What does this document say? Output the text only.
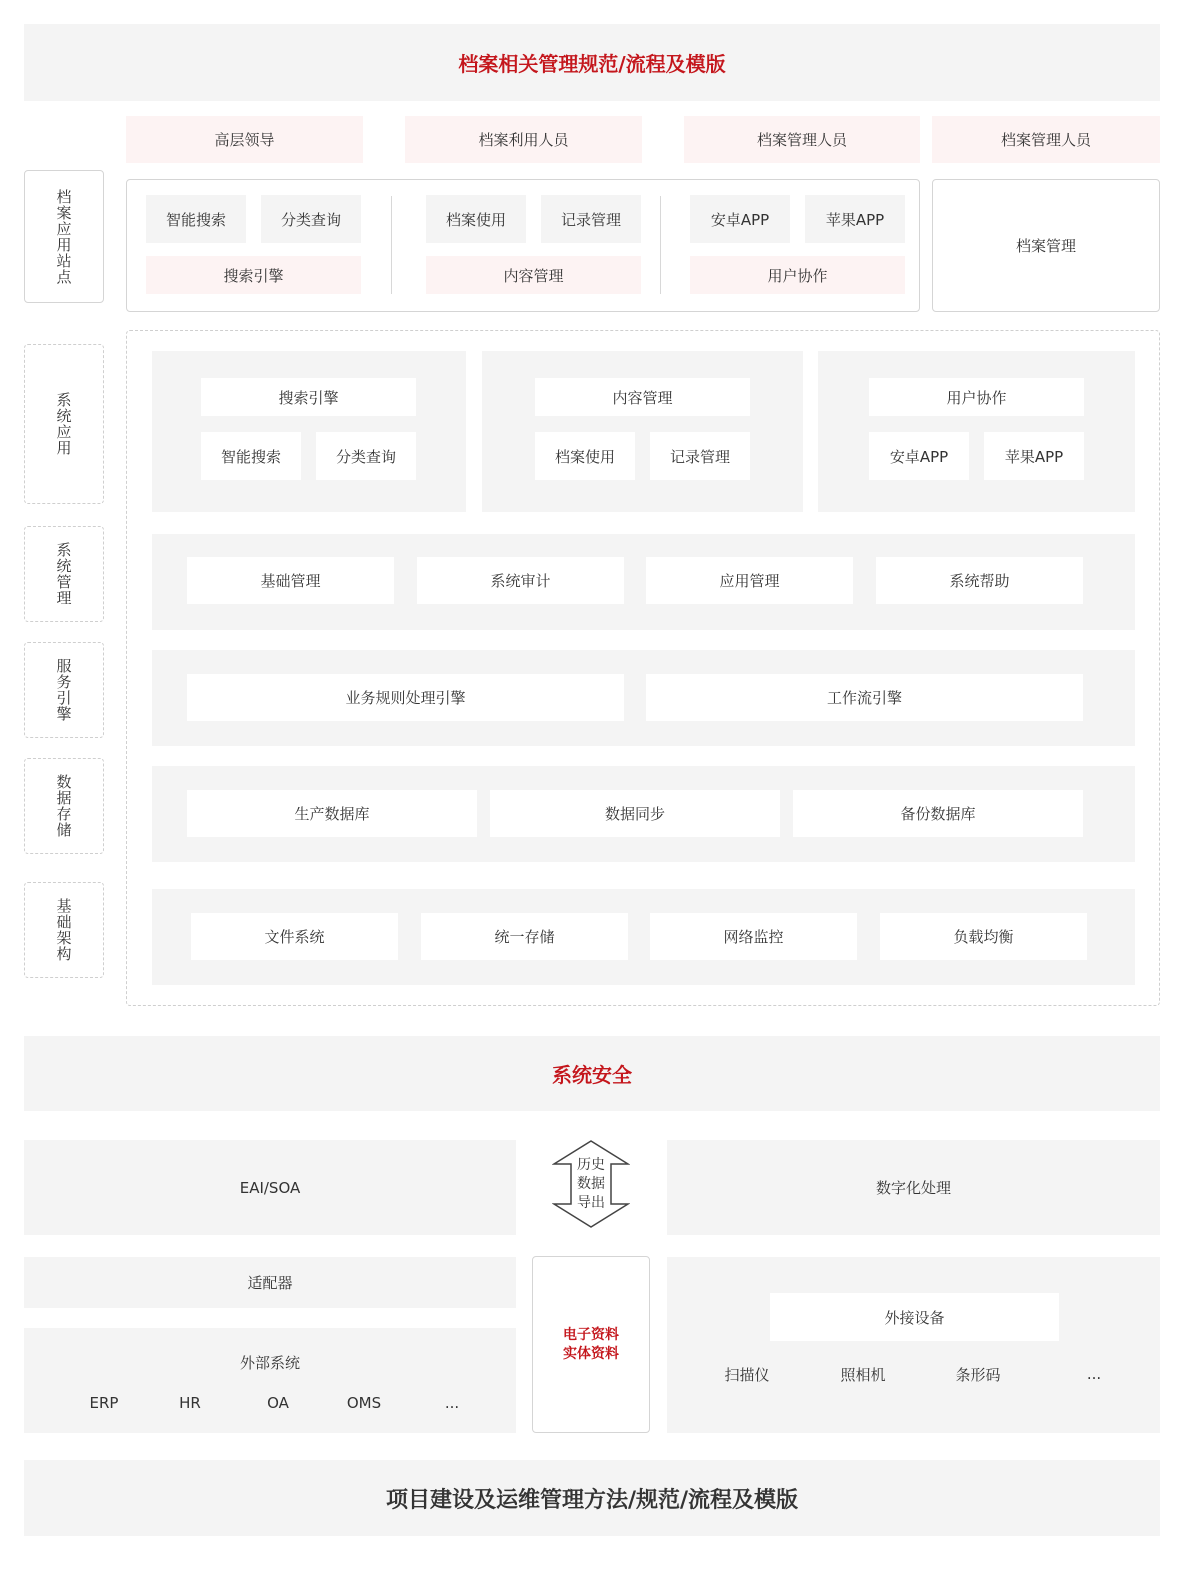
档案相关管理规范/流程及模版
高层领导	档案利用人员	档案管理人员	档案管理人员
档案应用站点	智能搜索	分类查询
搜索引擎
档案使用	记录管理
内容管理
安卓APP	苹果APP
用户协作
档案管理
系统应用
系统管理
服务引擎
数据存储
基础架构
搜索引擎
智能搜索	分类查询
内容管理
档案使用	记录管理
用户协作
安卓APP	苹果APP
基础管理	系统审计	应用管理	系统帮助
业务规则处理引擎	工作流引擎
生产数据库	数据同步	备份数据库
文件系统	统一存储	网络监控	负载均衡
系统安全
EAI/SOA
历史
数据
导出
数字化处理
适配器
外部系统
ERP	HR	OA	OMS	...
电子资料
实体资料
外接设备
扫描仪	照相机	条形码	...
项目建设及运维管理方法/规范/流程及模版
